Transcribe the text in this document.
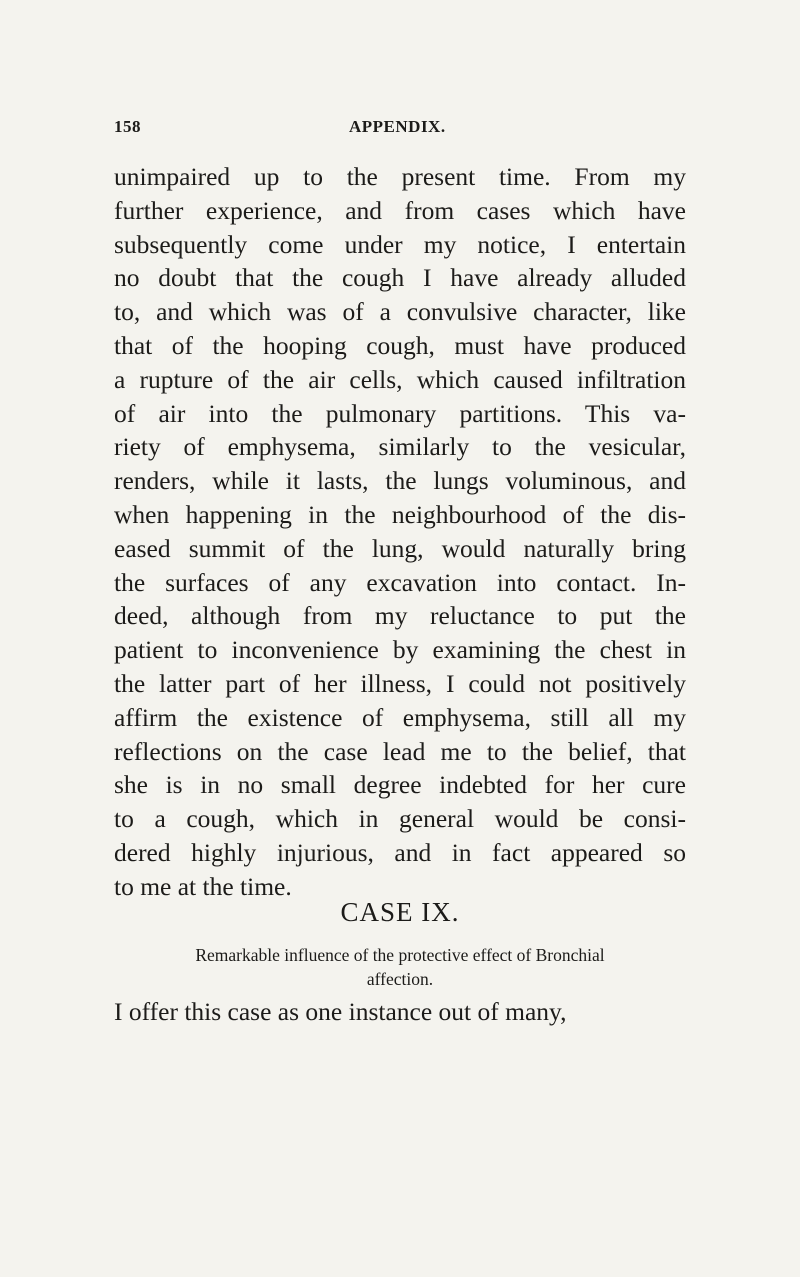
158	APPENDIX.
unimpaired up to the present time. From my
further experience, and from cases which have
subsequently come under my notice, I entertain
no doubt that the cough I have already alluded
to, and which was of a convulsive character, like
that of the hooping cough, must have produced
a rupture of the air cells, which caused infiltration
of air into the pulmonary partitions. This va-
riety of emphysema, similarly to the vesicular,
renders, while it lasts, the lungs voluminous, and
when happening in the neighbourhood of the dis-
eased summit of the lung, would naturally bring
the surfaces of any excavation into contact. In-
deed, although from my reluctance to put the
patient to inconvenience by examining the chest in
the latter part of her illness, I could not positively
affirm the existence of emphysema, still all my
reflections on the case lead me to the belief, that
she is in no small degree indebted for her cure
to a cough, which in general would be consi-
dered highly injurious, and in fact appeared so
to me at the time.
CASE IX.
Remarkable influence of the protective effect of Bronchial
affection.
I offer this case as one instance out of many,
